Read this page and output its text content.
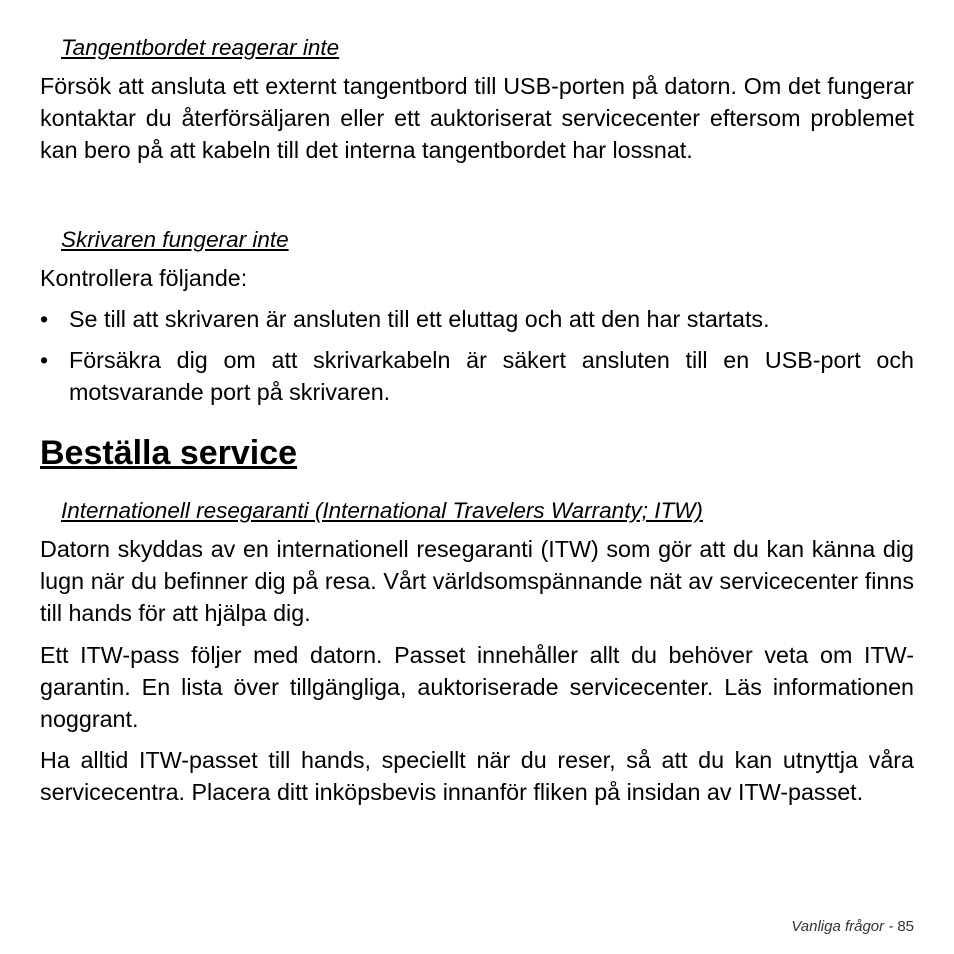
Tangentbordet reagerar inte

Försök att ansluta ett externt tangentbord till USB-porten på datorn. Om det fungerar kontaktar du återförsäljaren eller ett auktoriserat servicecenter eftersom problemet kan bero på att kabeln till det interna tangentbordet har lossnat.

Skrivaren fungerar inte

Kontrollera följande:

• Se till att skrivaren är ansluten till ett eluttag och att den har startats.
• Försäkra dig om att skrivarkabeln är säkert ansluten till en USB-port och motsvarande port på skrivaren.
Beställa service
Internationell resegaranti (International Travelers Warranty; ITW)

Datorn skyddas av en internationell resegaranti (ITW) som gör att du kan känna dig lugn när du befinner dig på resa. Vårt världsomspännande nät av servicecenter finns till hands för att hjälpa dig.

Ett ITW-pass följer med datorn. Passet innehåller allt du behöver veta om ITW-garantin. En lista över tillgängliga, auktoriserade servicecenter. Läs informationen noggrant.

Ha alltid ITW-passet till hands, speciellt när du reser, så att du kan utnyttja våra servicecentra. Placera ditt inköpsbevis innanför fliken på insidan av ITW-passet.

Vanliga frågor - 85
